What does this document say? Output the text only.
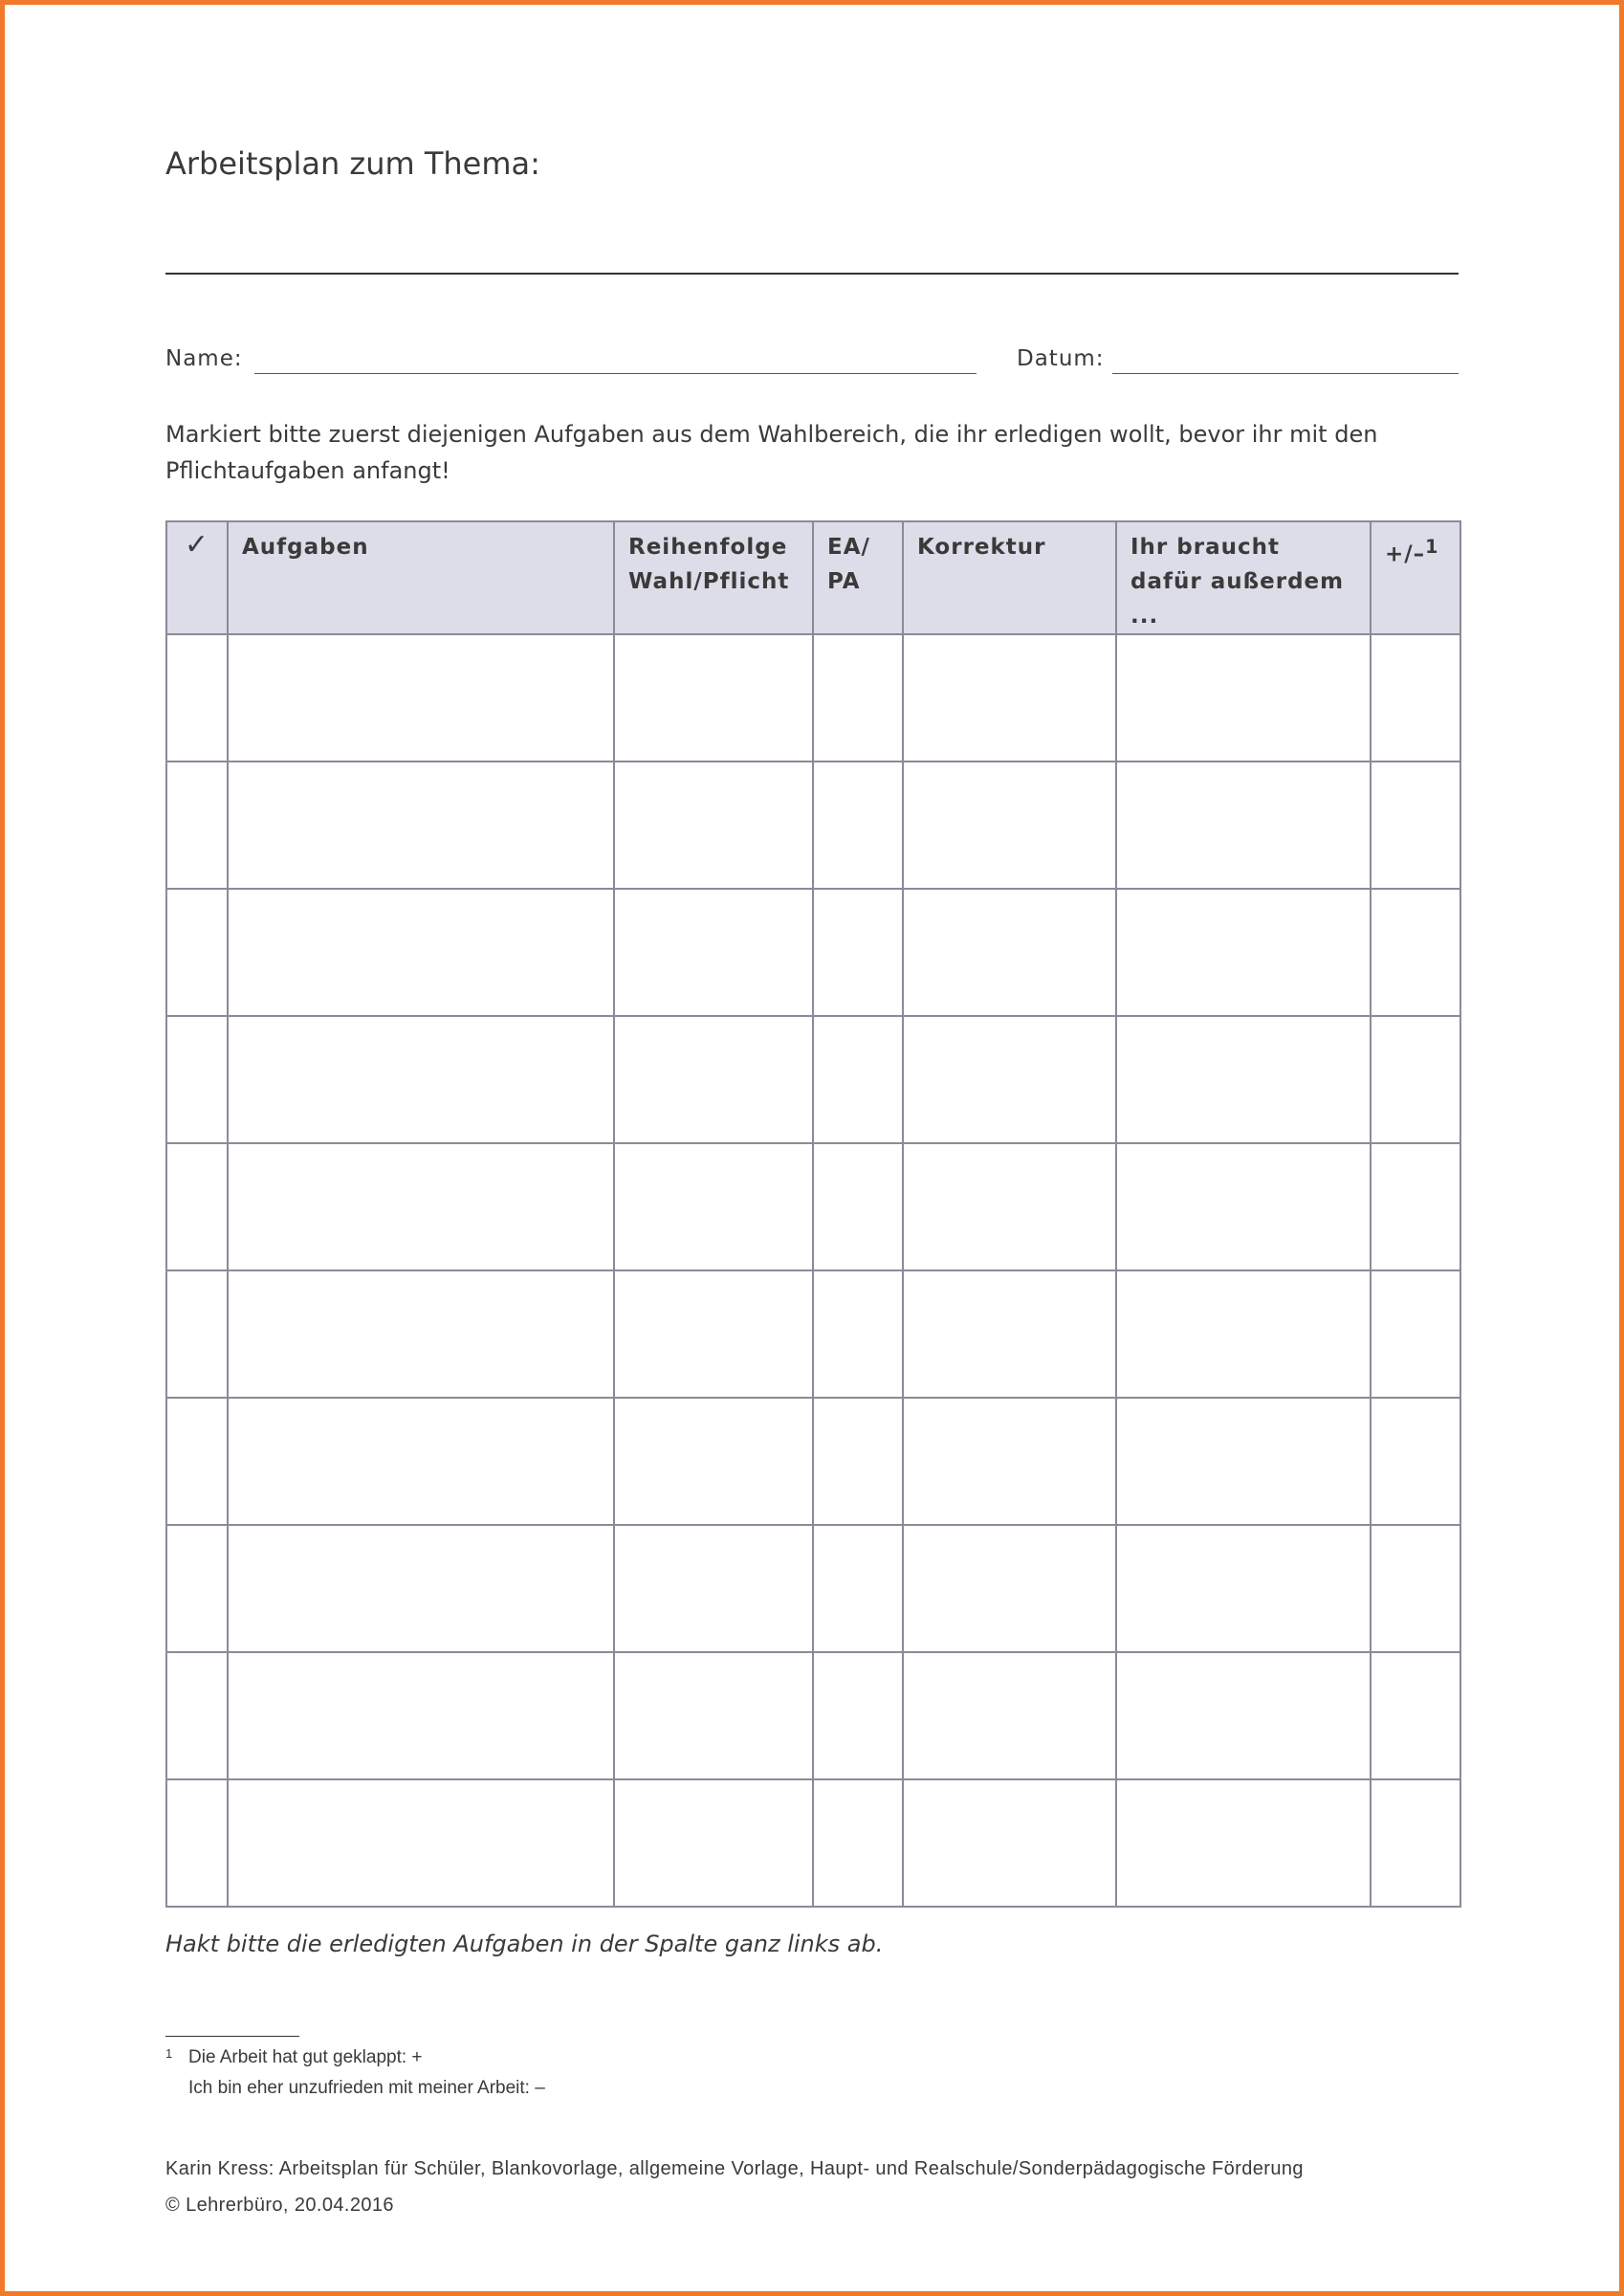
Arbeitsplan zum Thema:
Name:	Datum:

Markiert bitte zuerst diejenigen Aufgaben aus dem Wahlbereich, die ihr erledigen wollt, bevor ihr mit den Pflichtaufgaben anfangt!

✓	Aufgaben	Reihenfolge Wahl/Pflicht	EA/ PA	Korrektur	Ihr braucht dafür außerdem ...	+/–$^1$

Hakt bitte die erledigten Aufgaben in der Spalte ganz links ab.
1 Die Arbeit hat gut geklappt: +
Ich bin eher unzufrieden mit meiner Arbeit: –
Karin Kress: Arbeitsplan für Schüler, Blankovorlage, allgemeine Vorlage, Haupt- und Realschule/Sonderpädagogische Förderung
© Lehrerbüro, 20.04.2016
